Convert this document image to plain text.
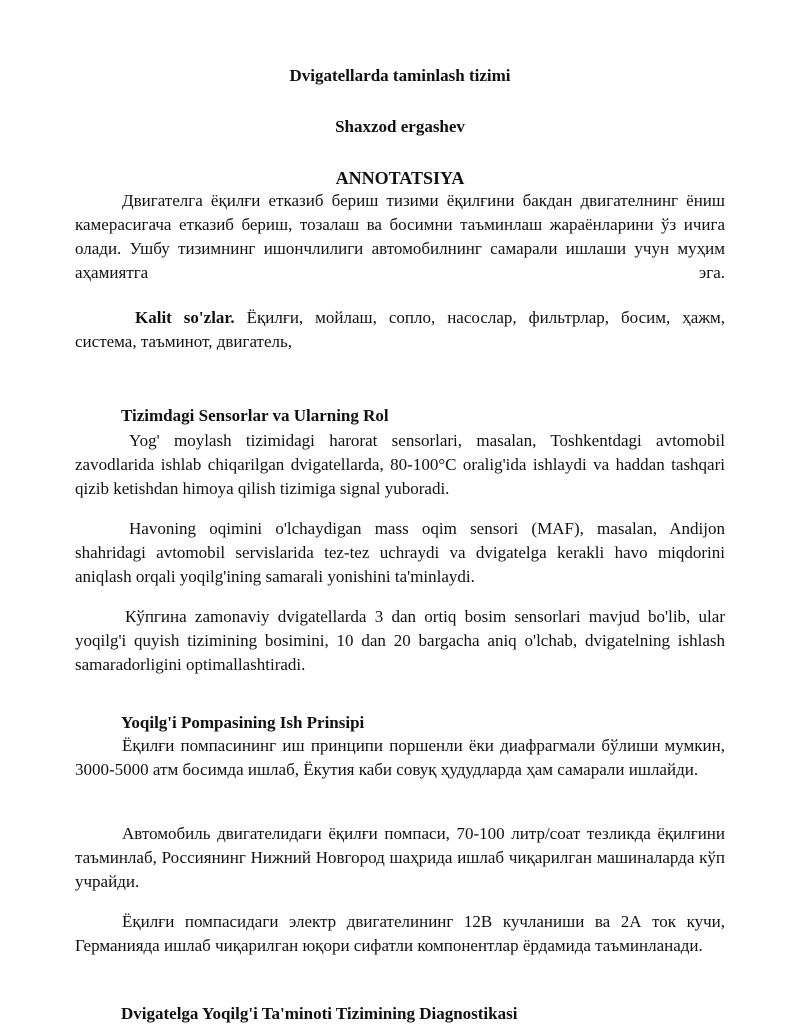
Dvigatellarda taminlash tizimi

Shaxzod ergashev

ANNOTATSIYA

Двигателга ёқилғи етказиб бериш тизими ёқилғини бакдан двигателнинг ёниш камерасигача етказиб бериш, тозалаш ва босимни таъминлаш жараёнларини ўз ичига олади. Ушбу тизимнинг ишончлилиги автомобилнинг самарали ишлаши учун муҳим аҳамиятга эга.

Kalit so'zlar. Ёқилғи, мойлаш, сопло, насослар, фильтрлар, босим, ҳажм, система, таъминот, двигатель,

Tizimdagi Sensorlar va Ularning Rol

Yog' moylash tizimidagi harorat sensorlari, masalan, Toshkentdagi avtomobil zavodlarida ishlab chiqarilgan dvigatellarda, 80-100°C oralig'ida ishlaydi va haddan tashqari qizib ketishdan himoya qilish tizimiga signal yuboradi.

Havoning oqimini o'lchaydigan mass oqim sensori (MAF), masalan, Andijon shahridagi avtomobil servislarida tez-tez uchraydi va dvigatelga kerakli havo miqdorini aniqlash orqali yoqilg'ining samarali yonishini ta'minlaydi.

Кўпгина zamonaviy dvigatellarda 3 dan ortiq bosim sensorlari mavjud bo'lib, ular yoqilg'i quyish tizimining bosimini, 10 dan 20 bargacha aniq o'lchab, dvigatelning ishlash samaradorligini optimallashtiradi.

Yoqilg'i Pompasining Ish Prinsipi

Ёқилғи помпасининг иш принципи поршенли ёки диафрагмали бўлиши мумкин, 3000-5000 атм босимда ишлаб, Ёкутия каби совуқ ҳудудларда ҳам самарали ишлайди.

Автомобиль двигателидаги ёқилғи помпаси, 70-100 литр/соат тезликда ёқилғини таъминлаб, Россиянинг Нижний Новгород шаҳрида ишлаб чиқарилган машиналарда кўп учрайди.

Ёқилғи помпасидаги электр двигателининг 12В кучланиши ва 2А ток кучи, Германияда ишлаб чиқарилган юқори сифатли компонентлар ёрдамида таъминланади.

Dvigatelga Yoqilg'i Ta'minoti Tizimining Diagnostikasi
